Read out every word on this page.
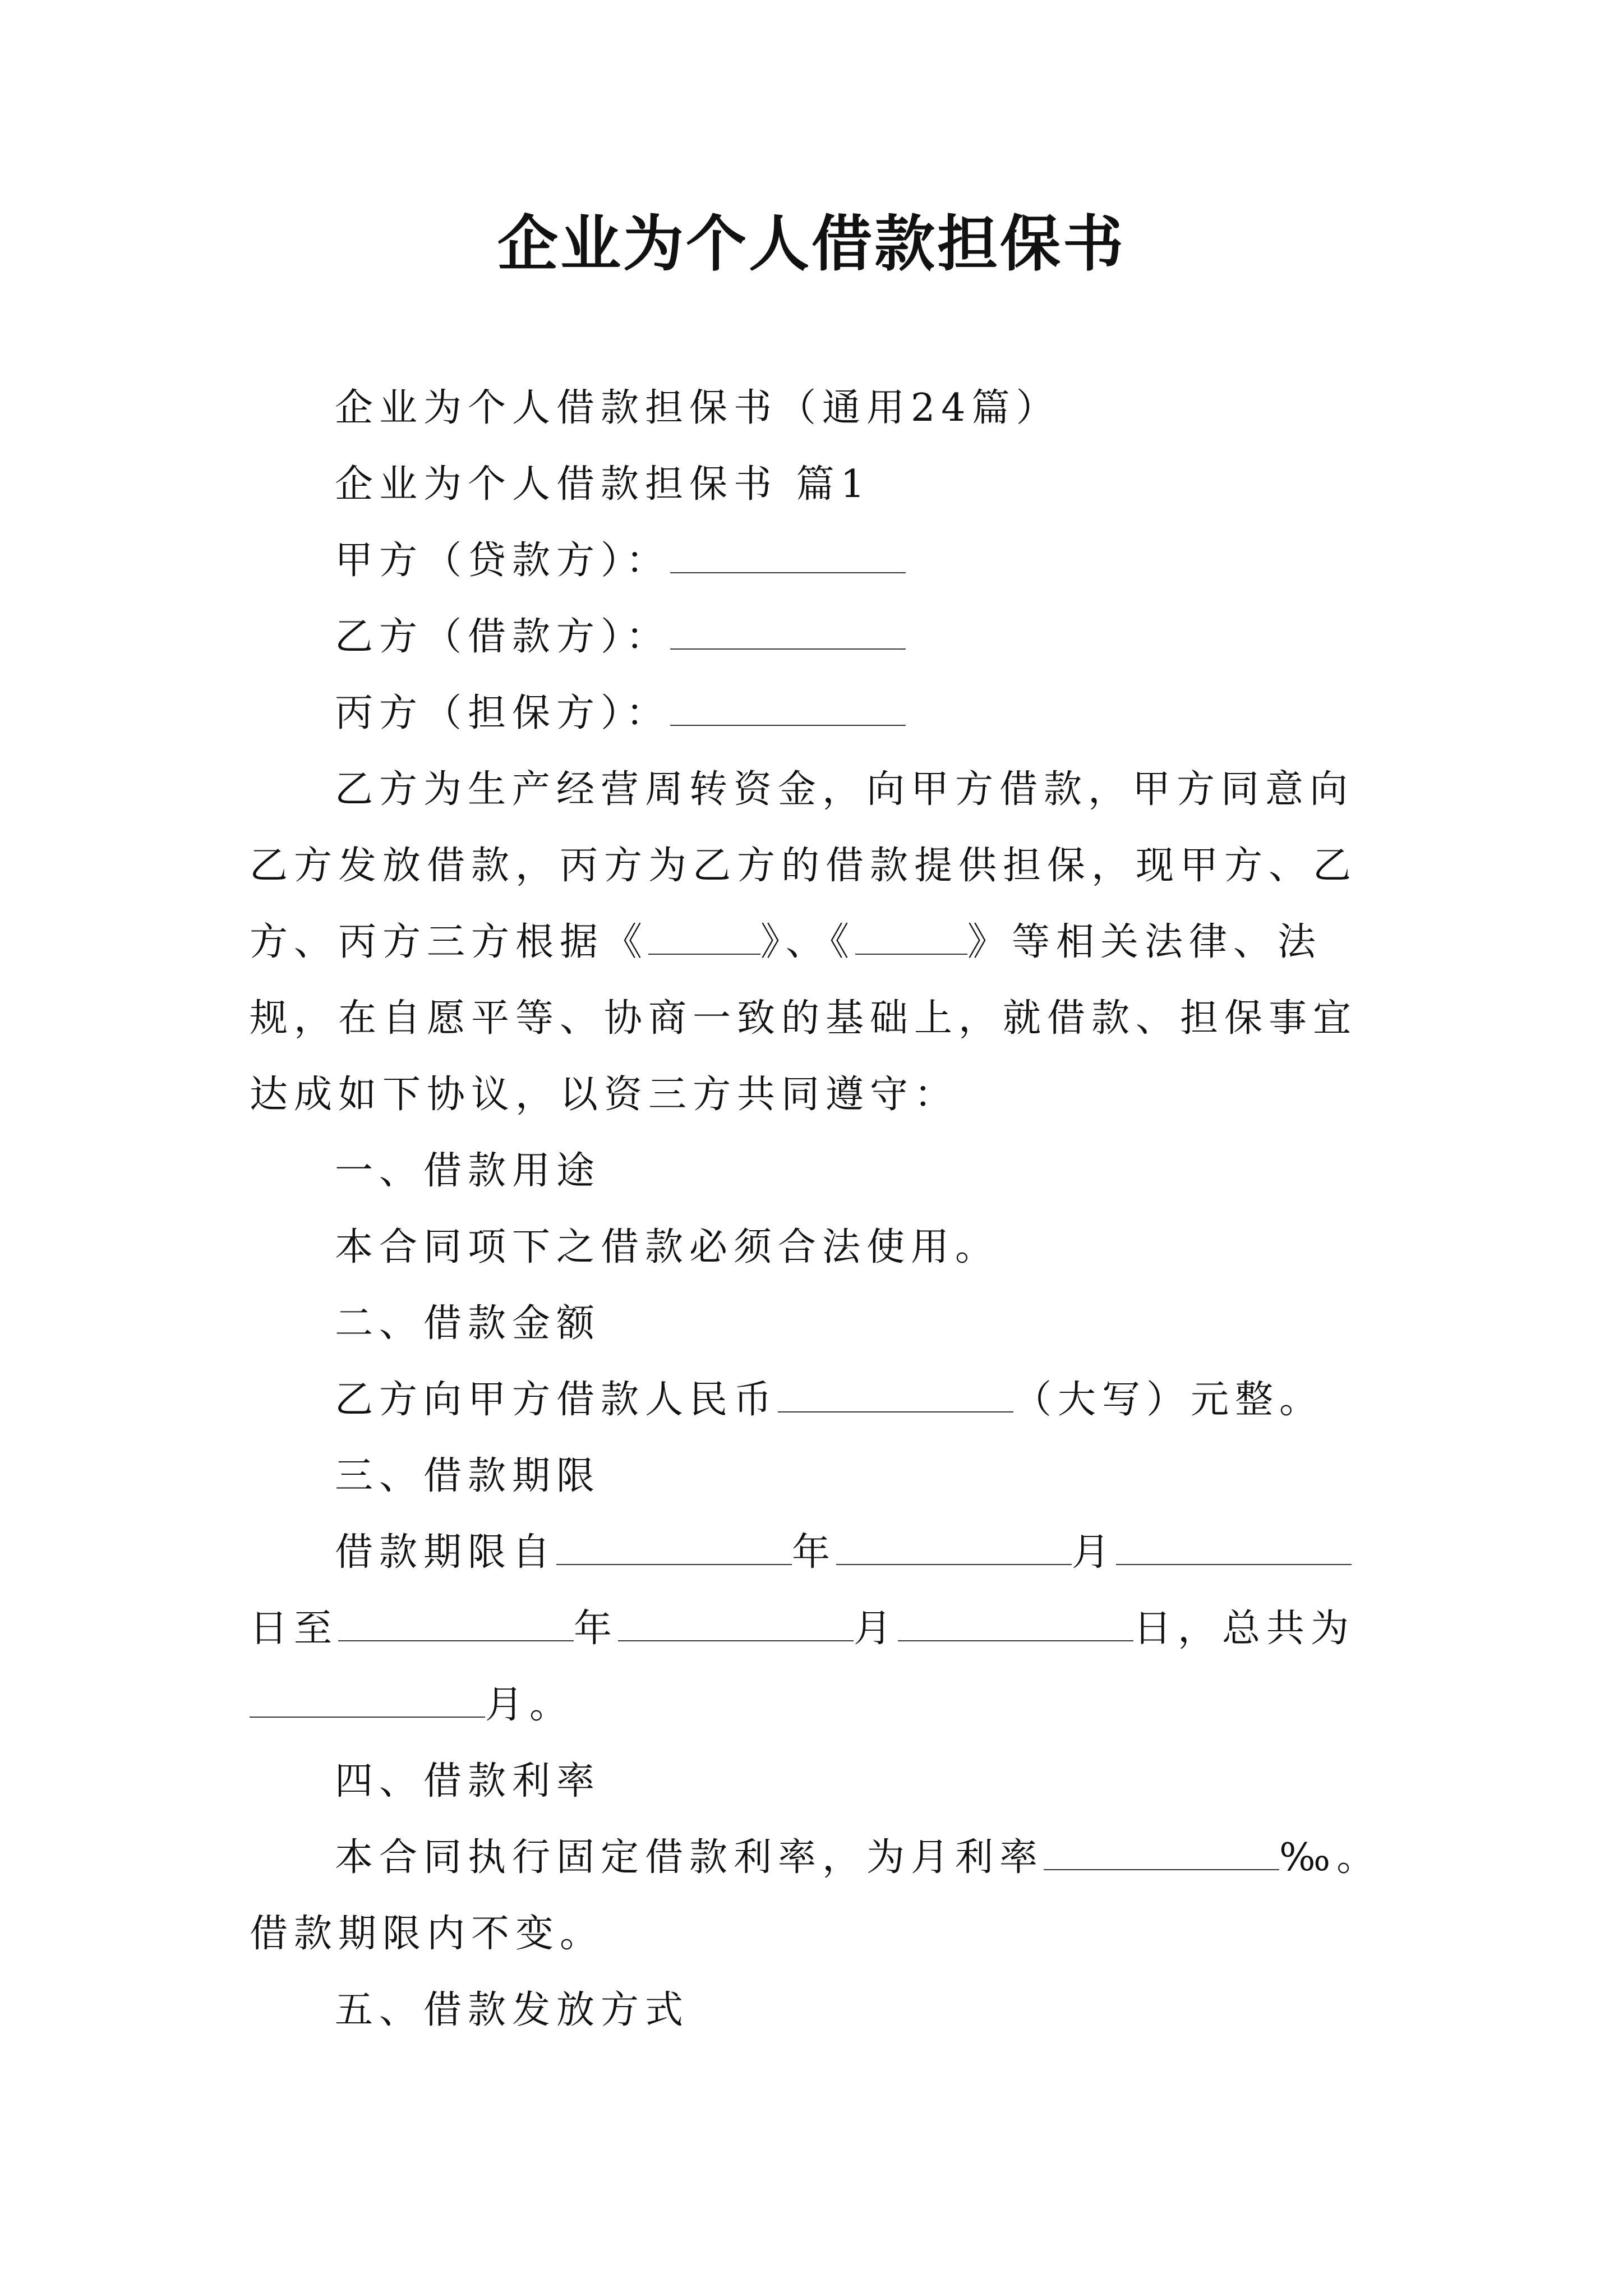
企业为个人借款担保书

企业为个人借款担保书（通用24篇）

企业为个人借款担保书 篇1

甲方（贷款方）：

乙方（借款方）：

丙方（担保方）：

乙方为生产经营周转资金，向甲方借款，甲方同意向乙方发放借款，丙方为乙方的借款提供担保，现甲方、乙方、丙方三方根据《	》、《	》等相关法律、法规，在自愿平等、协商一致的基础上，就借款、担保事宜达成如下协议，以资三方共同遵守：

一、借款用途

本合同项下之借款必须合法使用。

二、借款金额

乙方向甲方借款人民币	（大写）元整。

三、借款期限

借款期限自	年	月日至	年	月	日，总共为月。

四、借款利率

本合同执行固定借款利率，为月利率	‰。借款期限内不变。

五、借款发放方式
